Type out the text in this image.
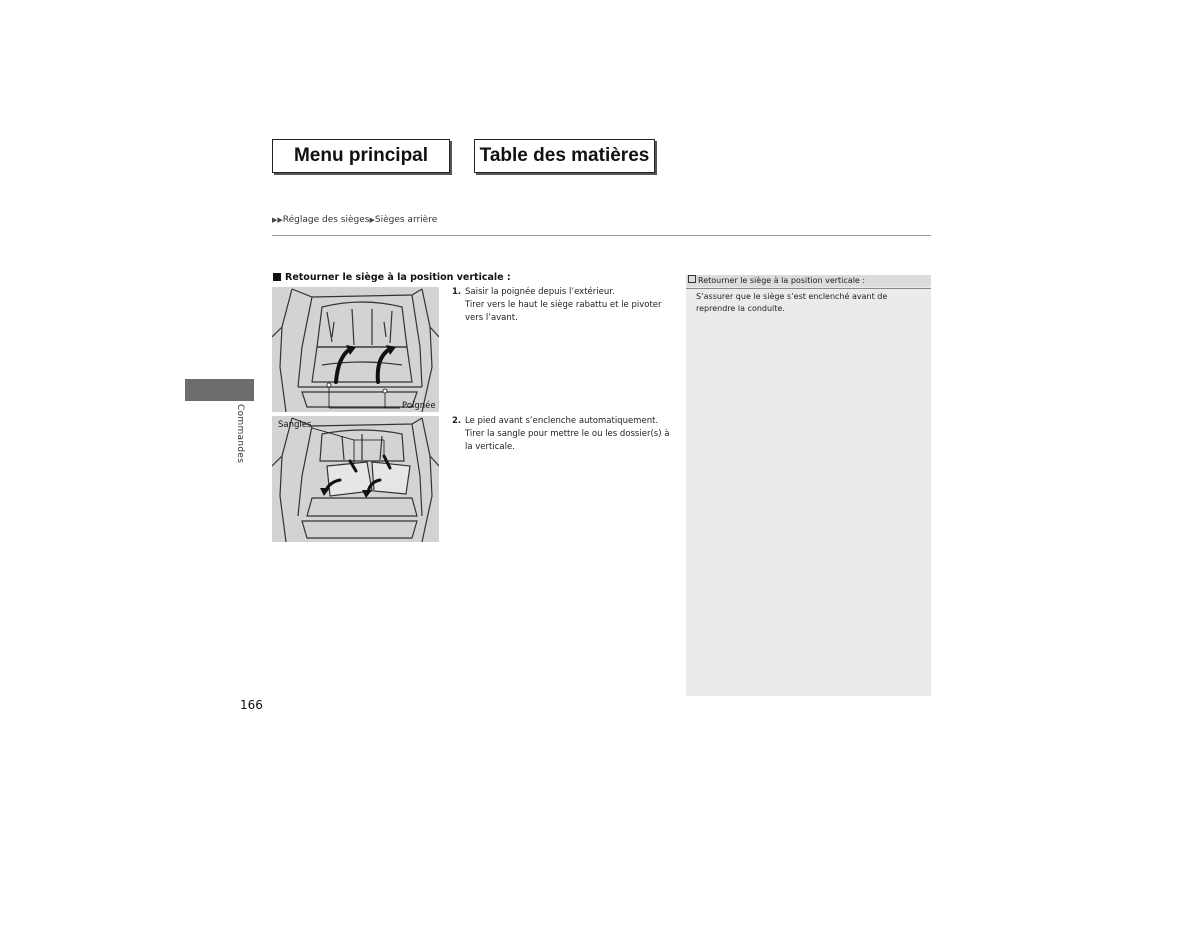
Menu principal	Table des matières
▶▶Réglage des sièges▶Sièges arrière
Commandes
Retourner le siège à la position verticale :
Poignée
Sangles
1. Saisir la poignée depuis l’extérieur.
Tirer vers le haut le siège rabattu et le pivoter vers l’avant.
2. Le pied avant s’enclenche automatiquement.
Tirer la sangle pour mettre le ou les dossier(s) à la verticale.
Retourner le siège à la position verticale :
S’assurer que le siège s’est enclenché avant de reprendre la conduite.
166
